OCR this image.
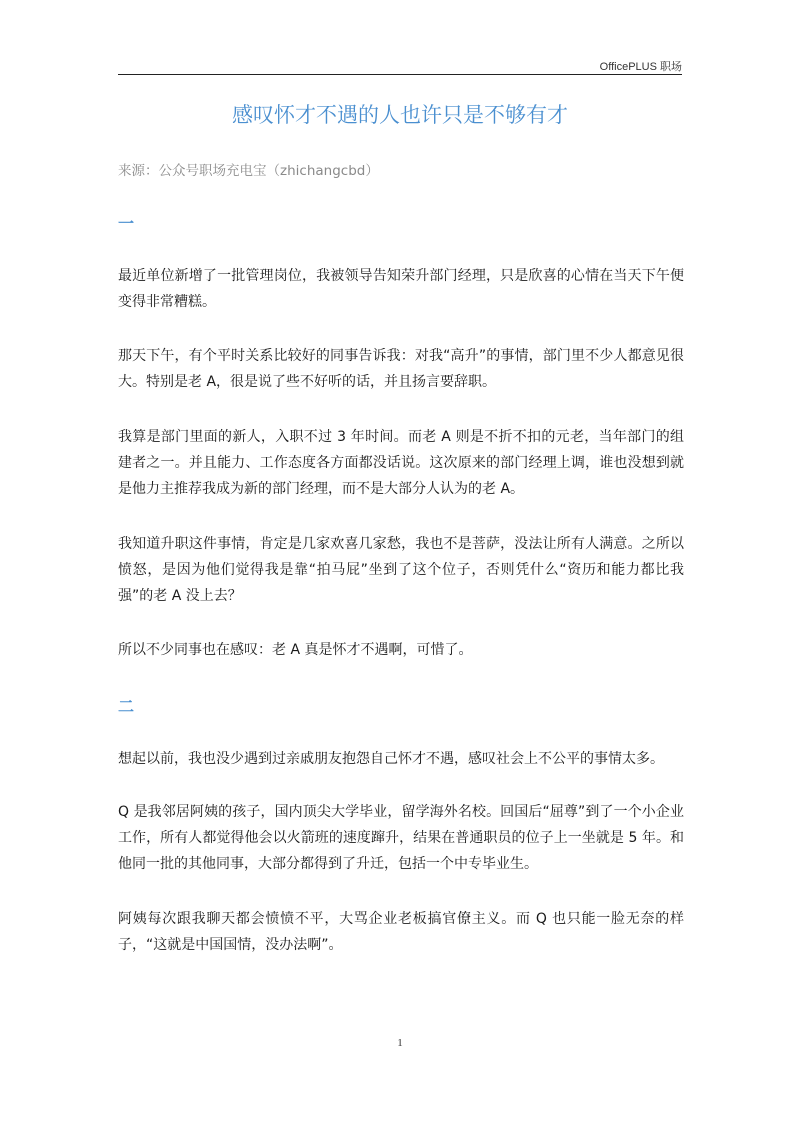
OfficePLUS 职场
感叹怀才不遇的人也许只是不够有才
来源：公众号职场充电宝（zhichangcbd）
一
最近单位新增了一批管理岗位，我被领导告知荣升部门经理，只是欣喜的心情在当天下午便变得非常糟糕。
那天下午，有个平时关系比较好的同事告诉我：对我“高升”的事情，部门里不少人都意见很大。特别是老 A，很是说了些不好听的话，并且扬言要辞职。
我算是部门里面的新人，入职不过 3 年时间。而老 A 则是不折不扣的元老，当年部门的组建者之一。并且能力、工作态度各方面都没话说。这次原来的部门经理上调，谁也没想到就是他力主推荐我成为新的部门经理，而不是大部分人认为的老 A。
我知道升职这件事情，肯定是几家欢喜几家愁，我也不是菩萨，没法让所有人满意。之所以愤怒，是因为他们觉得我是靠“拍马屁”坐到了这个位子，否则凭什么“资历和能力都比我强”的老 A 没上去？
所以不少同事也在感叹：老 A 真是怀才不遇啊，可惜了。
二
想起以前，我也没少遇到过亲戚朋友抱怨自己怀才不遇，感叹社会上不公平的事情太多。
Q 是我邻居阿姨的孩子，国内顶尖大学毕业，留学海外名校。回国后“屈尊”到了一个小企业工作，所有人都觉得他会以火箭班的速度蹿升，结果在普通职员的位子上一坐就是 5 年。和他同一批的其他同事，大部分都得到了升迁，包括一个中专毕业生。
阿姨每次跟我聊天都会愤愤不平，大骂企业老板搞官僚主义。而 Q 也只能一脸无奈的样子，“这就是中国国情，没办法啊”。
1
